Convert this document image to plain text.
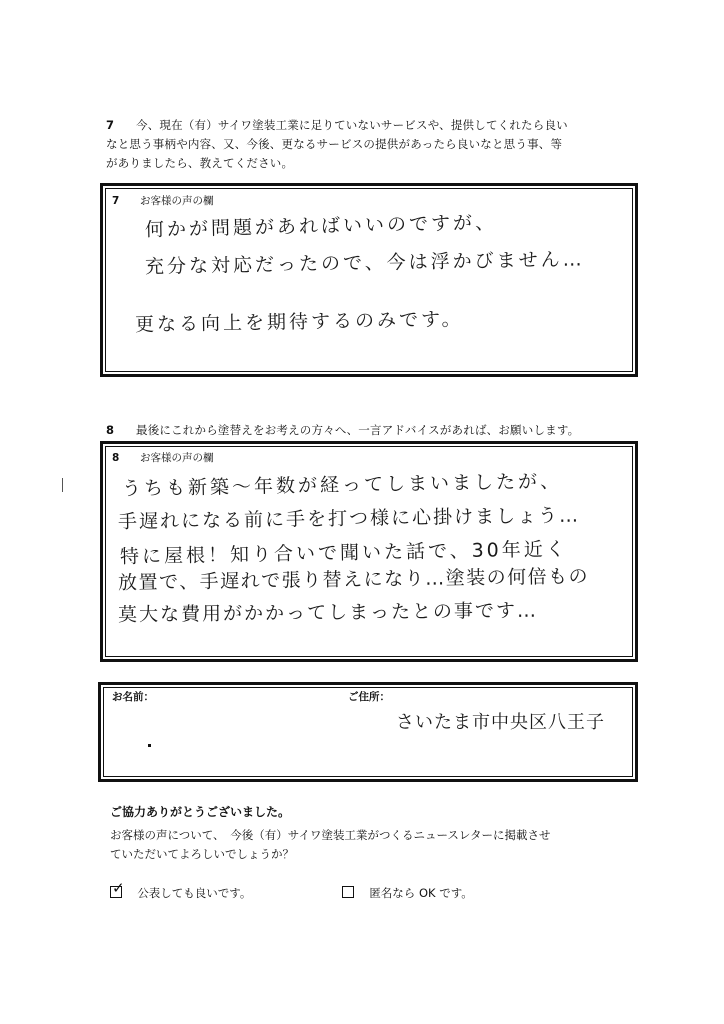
7 今、現在（有）サイワ塗装工業に足りていないサービスや、提供してくれたら良い
なと思う事柄や内容、又、今後、更なるサービスの提供があったら良いなと思う事、等
がありましたら、教えてください。
7 お客様の声の欄
何かが問題があればいいのですが、
充分な対応だったので、今は浮かびません…
更なる向上を期待するのみです。
8 最後にこれから塗替えをお考えの方々へ、一言アドバイスがあれば、お願いします。
8 お客様の声の欄
うちも新築〜年数が経ってしまいましたが、
手遅れになる前に手を打つ様に心掛けましょう…
特に屋根！知り合いで聞いた話で、30年近く
放置で、手遅れで張り替えになり…塗装の何倍もの
莫大な費用がかかってしまったとの事です…
お名前：	ご住所：
さいたま市中央区八王子
ご協力ありがとうございました。
お客様の声について、　今後（有）サイワ塗装工業がつくるニュースレターに掲載させ
ていただいてよろしいでしょうか？
✓ 公表しても良いです。	匿名なら OK です。
